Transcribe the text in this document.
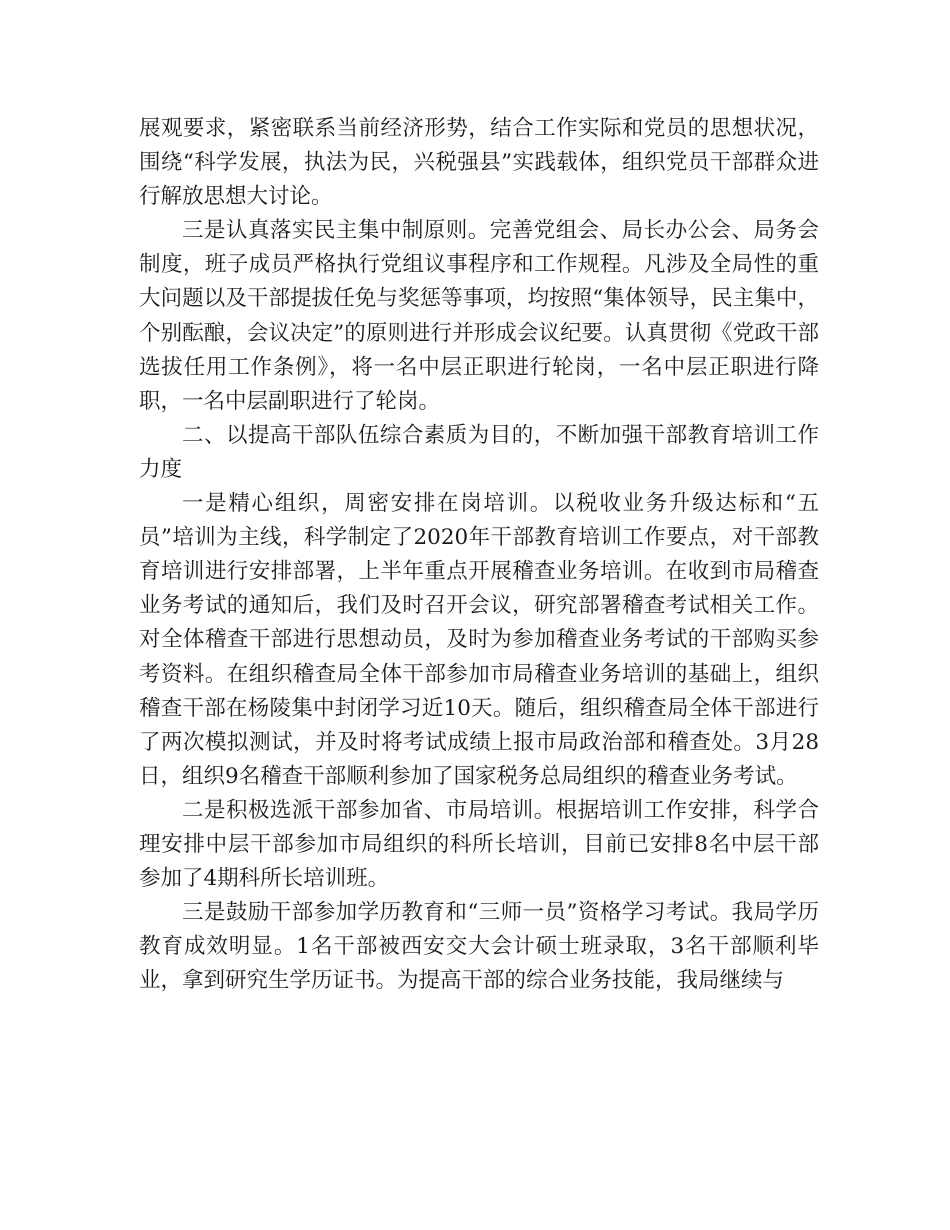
展观要求，紧密联系当前经济形势，结合工作实际和党员的思想状况，围绕“科学发展，执法为民，兴税强县”实践载体，组织党员干部群众进行解放思想大讨论。

三是认真落实民主集中制原则。完善党组会、局长办公会、局务会制度，班子成员严格执行党组议事程序和工作规程。凡涉及全局性的重大问题以及干部提拔任免与奖惩等事项，均按照“集体领导，民主集中，个别酝酿，会议决定”的原则进行并形成会议纪要。认真贯彻《党政干部选拔任用工作条例》，将一名中层正职进行轮岗，一名中层正职进行降职，一名中层副职进行了轮岗。

二、以提高干部队伍综合素质为目的，不断加强干部教育培训工作力度

一是精心组织，周密安排在岗培训。以税收业务升级达标和“五员”培训为主线，科学制定了2020年干部教育培训工作要点，对干部教育培训进行安排部署，上半年重点开展稽查业务培训。在收到市局稽查业务考试的通知后，我们及时召开会议，研究部署稽查考试相关工作。对全体稽查干部进行思想动员，及时为参加稽查业务考试的干部购买参考资料。在组织稽查局全体干部参加市局稽查业务培训的基础上，组织稽查干部在杨陵集中封闭学习近10天。随后，组织稽查局全体干部进行了两次模拟测试，并及时将考试成绩上报市局政治部和稽查处。3月28日，组织9名稽查干部顺利参加了国家税务总局组织的稽查业务考试。

二是积极选派干部参加省、市局培训。根据培训工作安排，科学合理安排中层干部参加市局组织的科所长培训，目前已安排8名中层干部参加了4期科所长培训班。

三是鼓励干部参加学历教育和“三师一员”资格学习考试。我局学历教育成效明显。1名干部被西安交大会计硕士班录取，3名干部顺利毕业，拿到研究生学历证书。为提高干部的综合业务技能，我局继续与
